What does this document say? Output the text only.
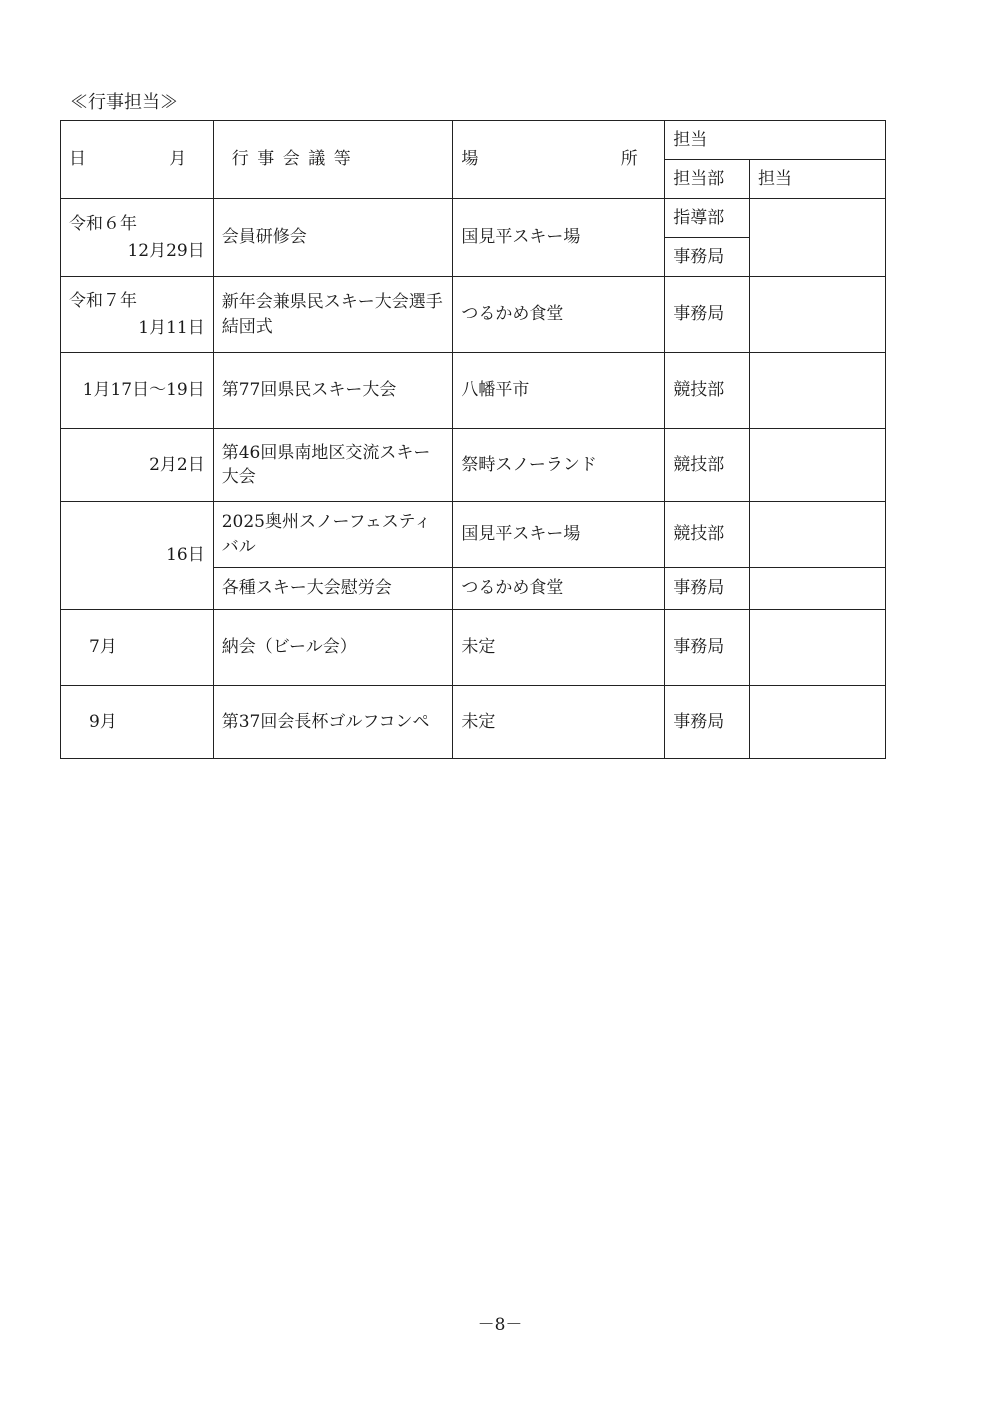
≪行事担当≫
日 月	行事会議等	場 所	担当	
			担当部	担当

令和６年
12月29日	会員研修会	国見平スキー場	指導部	
			事務局	

令和７年
1月11日	新年会兼県民スキー大会選手結団式	つるかめ食堂	事務局	
1月17日～19日	第77回県民スキー大会	八幡平市	競技部	
2月2日	第46回県南地区交流スキー大会	祭畤スノーランド	競技部	
16日	2025奥州スノーフェスティバル	国見平スキー場	競技部	
	各種スキー大会慰労会	つるかめ食堂	事務局	
7月	納会（ビール会）	未定	事務局	
9月	第37回会長杯ゴルフコンペ	未定	事務局	
－8－
